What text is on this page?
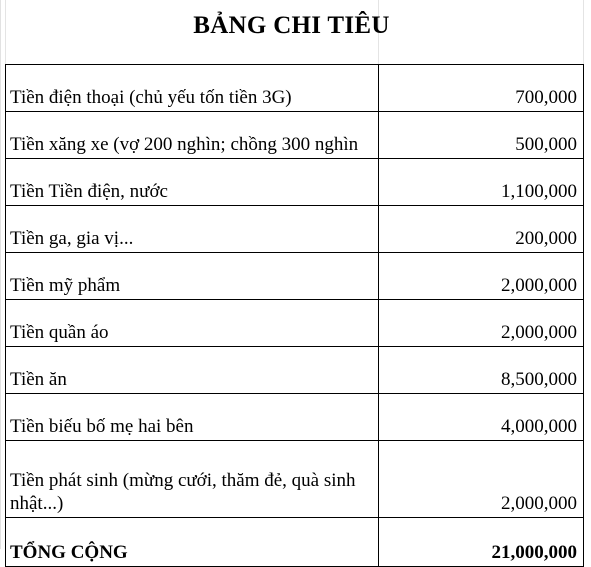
BẢNG CHI TIÊU
Tiền điện thoại (chủ yếu tốn tiền 3G)	700,000
Tiền xăng xe (vợ 200 nghìn; chồng 300 nghìn	500,000
Tiền Tiền điện, nước	1,100,000
Tiền ga, gia vị...	200,000
Tiền mỹ phẩm	2,000,000
Tiền quần áo	2,000,000
Tiền ăn	8,500,000
Tiền biếu bố mẹ hai bên	4,000,000
Tiền phát sinh (mừng cưới, thăm đẻ, quà sinh nhật...)	2,000,000
TỔNG CỘNG	21,000,000
